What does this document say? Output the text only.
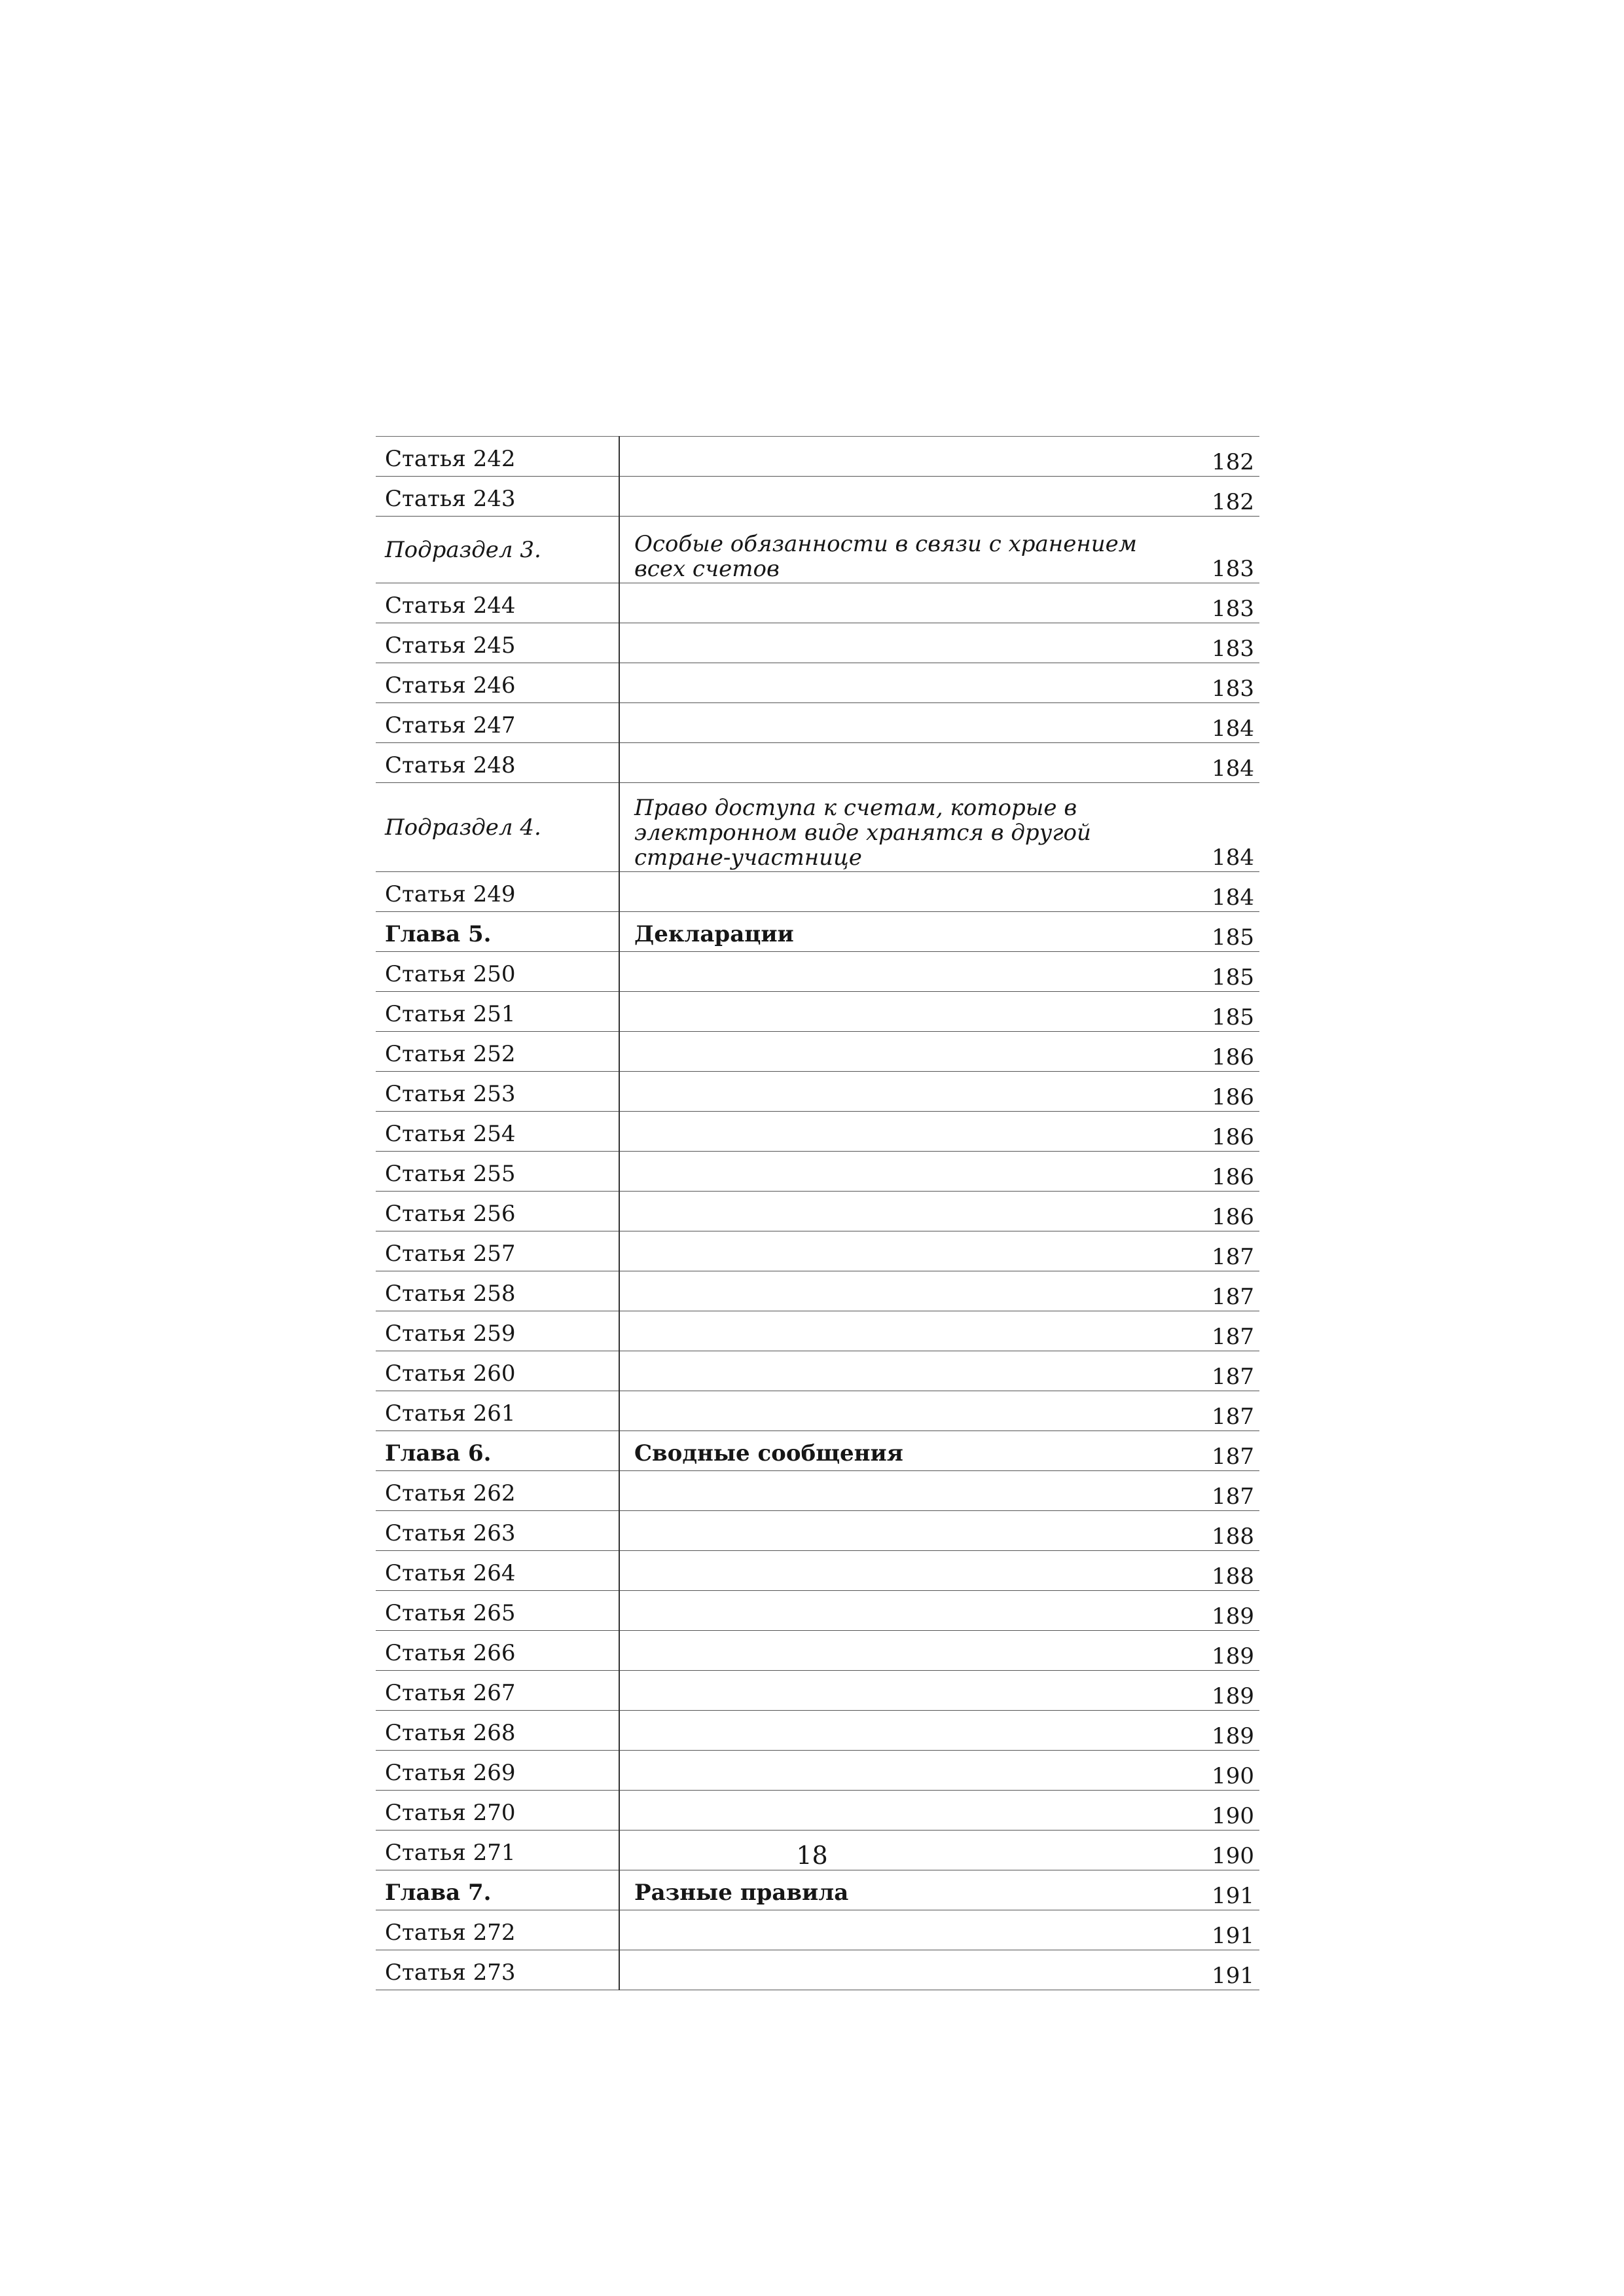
Статья 242		182
Статья 243		182
Подраздел 3.	Особые обязанности в связи с хранением всех счетов	183
Статья 244		183
Статья 245		183
Статья 246		183
Статья 247		184
Статья 248		184
Подраздел 4.	Право доступа к счетам, которые в электронном виде хранятся в другой стране-участнице	184
Статья 249		184
Глава 5.	Декларации	185
Статья 250		185
Статья 251		185
Статья 252		186
Статья 253		186
Статья 254		186
Статья 255		186
Статья 256		186
Статья 257		187
Статья 258		187
Статья 259		187
Статья 260		187
Статья 261		187
Глава 6.	Сводные сообщения	187
Статья 262		187
Статья 263		188
Статья 264		188
Статья 265		189
Статья 266		189
Статья 267		189
Статья 268		189
Статья 269		190
Статья 270		190
Статья 271		190
Глава 7.	Разные правила	191
Статья 272		191
Статья 273		191
18
